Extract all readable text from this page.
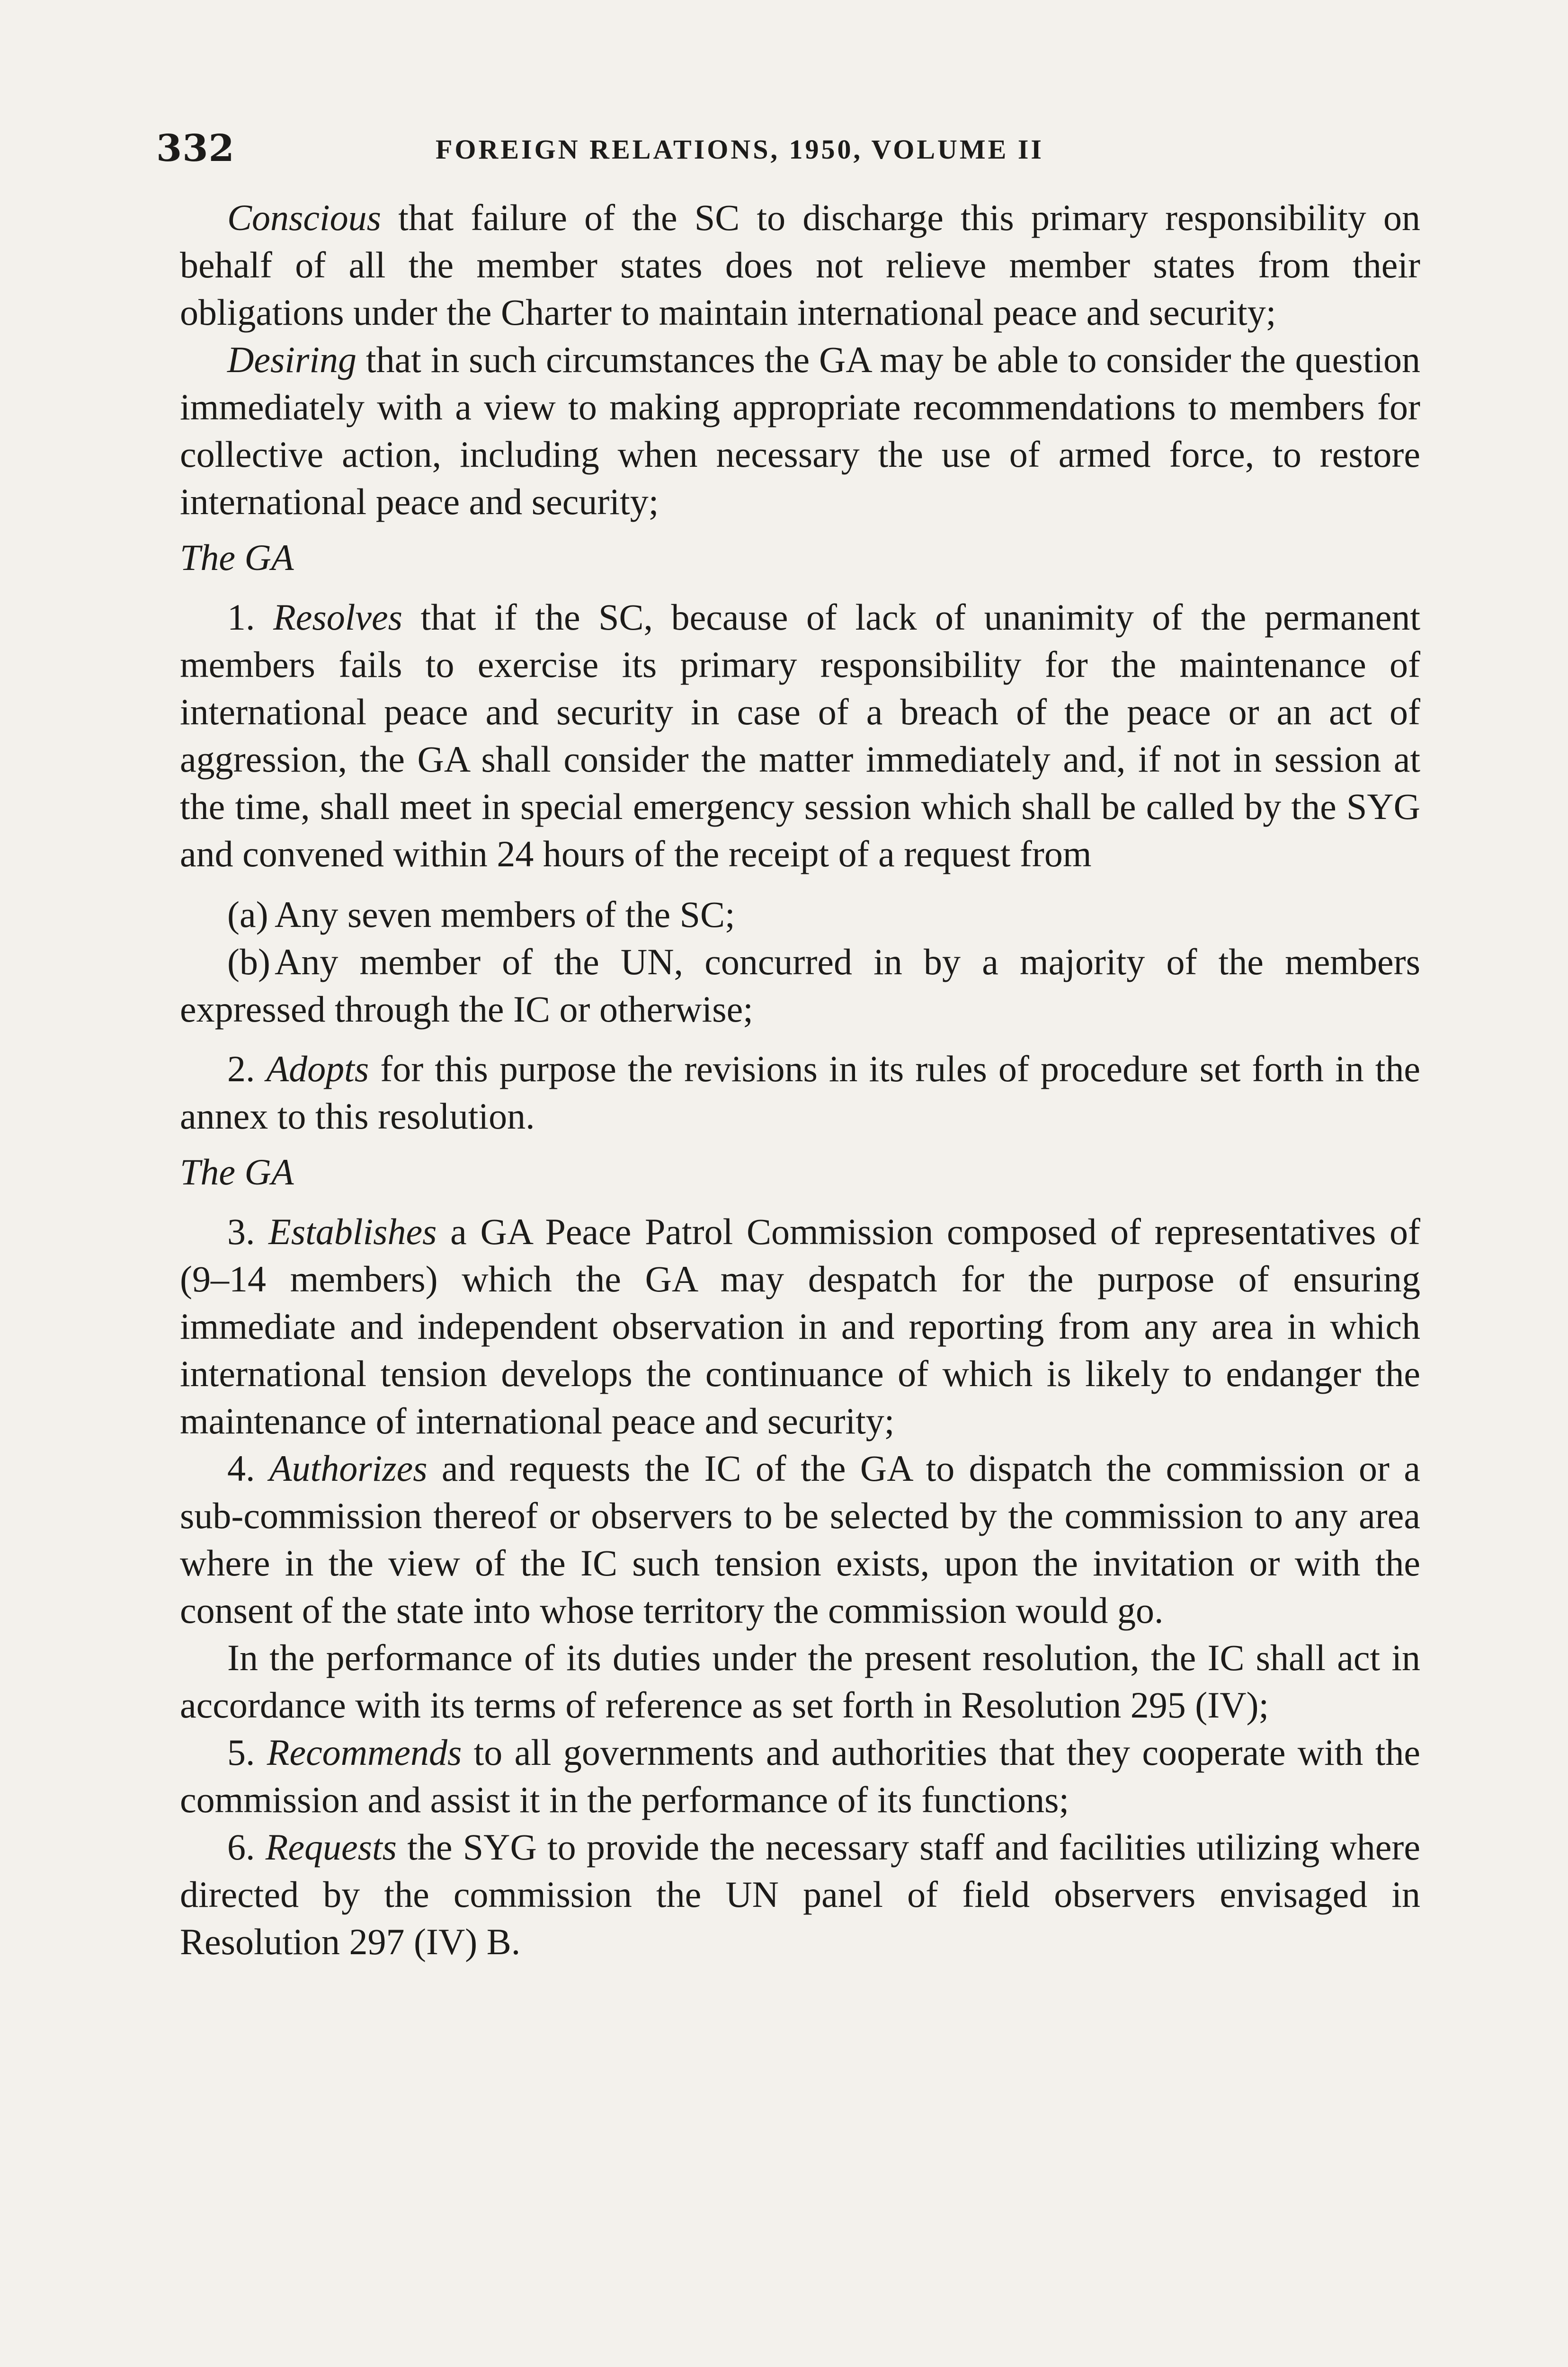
332	FOREIGN RELATIONS, 1950, VOLUME II

Conscious that failure of the SC to discharge this primary responsibility on behalf of all the member states does not relieve member states from their obligations under the Charter to maintain international peace and security;

Desiring that in such circumstances the GA may be able to consider the question immediately with a view to making appropriate recommendations to members for collective action, including when necessary the use of armed force, to restore international peace and security;

The GA

1. Resolves that if the SC, because of lack of unanimity of the permanent members fails to exercise its primary responsibility for the maintenance of international peace and security in case of a breach of the peace or an act of aggression, the GA shall consider the matter immediately and, if not in session at the time, shall meet in special emergency session which shall be called by the SYG and convened within 24 hours of the receipt of a request from

(a) Any seven members of the SC;

(b) Any member of the UN, concurred in by a majority of the members expressed through the IC or otherwise;

2. Adopts for this purpose the revisions in its rules of procedure set forth in the annex to this resolution.

The GA

3. Establishes a GA Peace Patrol Commission composed of representatives of (9–14 members) which the GA may despatch for the purpose of ensuring immediate and independent observation in and reporting from any area in which international tension develops the continuance of which is likely to endanger the maintenance of international peace and security;

4. Authorizes and requests the IC of the GA to dispatch the commission or a sub-commission thereof or observers to be selected by the commission to any area where in the view of the IC such tension exists, upon the invitation or with the consent of the state into whose territory the commission would go.

In the performance of its duties under the present resolution, the IC shall act in accordance with its terms of reference as set forth in Resolution 295 (IV);

5. Recommends to all governments and authorities that they cooperate with the commission and assist it in the performance of its functions;

6. Requests the SYG to provide the necessary staff and facilities utilizing where directed by the commission the UN panel of field observers envisaged in Resolution 297 (IV) B.
